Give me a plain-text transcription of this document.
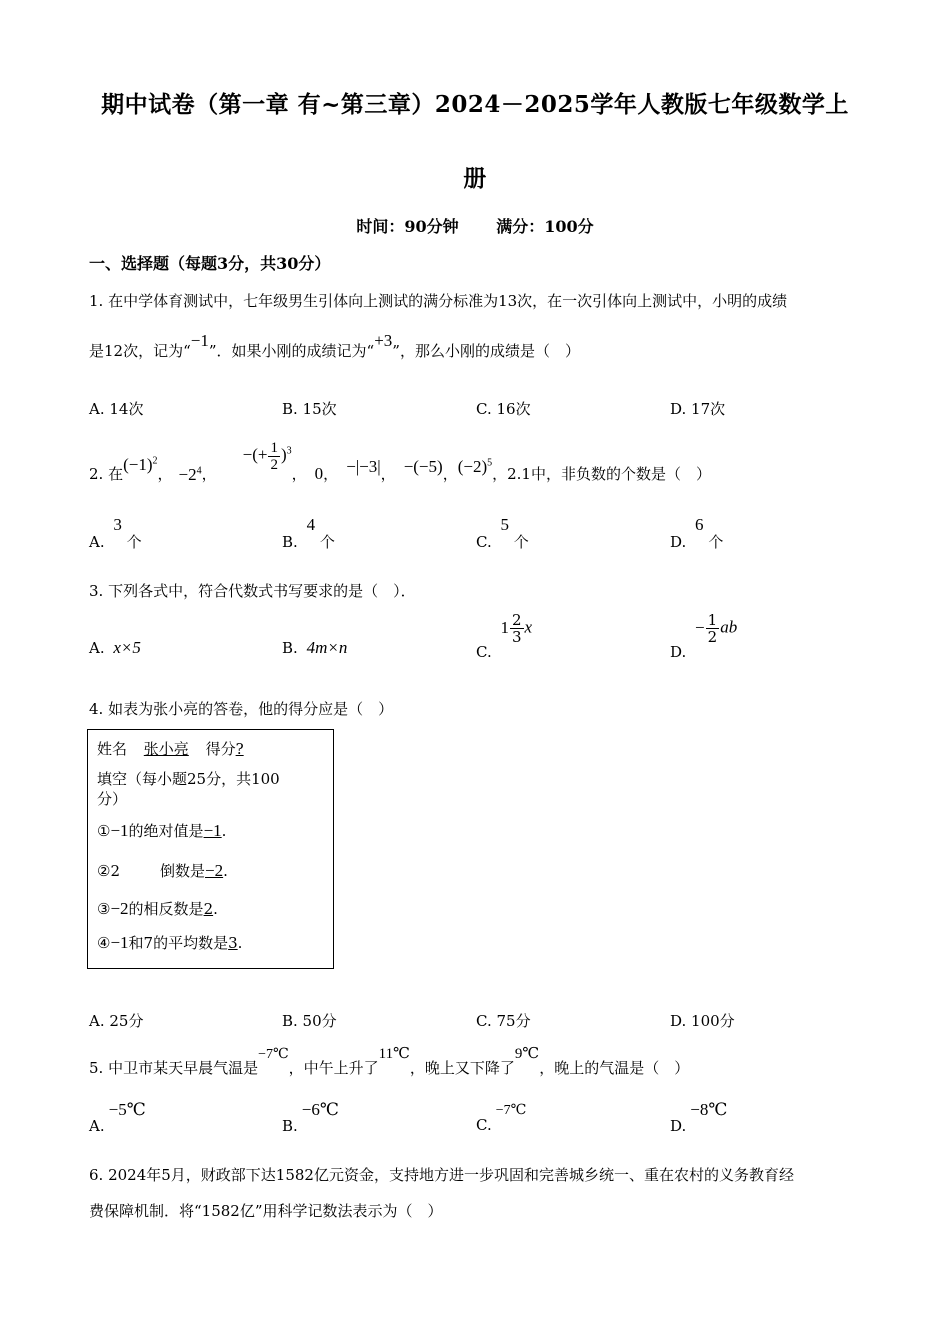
期中试卷（第一章 有~第三章）2024－2025学年人教版七年级数学上
册
时间：90分钟 满分：100分
一、选择题（每题3分，共30分）
1. 在中学体育测试中，七年级男生引体向上测试的满分标准为13次，在一次引体向上测试中，小明的成绩
是12次，记为“−1”．如果小刚的成绩记为“+3”，那么小刚的成绩是（　）
A. 14次	B. 15次	C. 16次	D. 17次
2. 在$(-1)^2$， $-2^4$，−(+ $\frac{1}{2} )^3$， 0， −|−3|， −(−5)，$(-2)^5$，2.1中，非负数的个数是（　）
A. 3 个	B. 4 个	C. 5 个	D. 6 个
3. 下列各式中，符合代数式书写要求的是（　）．
A. x×5	B. 4m×n	C. $1 \frac{2}{3}$ x
D. − $\frac{1}{2}$ ab
4. 如表为张小亮的答卷，他的得分应是（　）
姓名 张小亮 得分?
填空（每小题25分，共100
分）
①−1的绝对值是−1.
②2	倒数是−2.
③−2的相反数是2.
④−1和7的平均数是3.
A. 25分	B. 50分	C. 75分	D. 100分
5. 中卫市某天早晨气温是−7℃，中午上升了11℃，晚上又下降了9℃，晚上的气温是（　）
A.−5℃
B.−6℃
C.−7℃
D.−8℃
6. 2024年5月，财政部下达1582亿元资金，支持地方进一步巩固和完善城乡统一、重在农村的义务教育经
费保障机制．将“1582亿”用科学记数法表示为（　）
